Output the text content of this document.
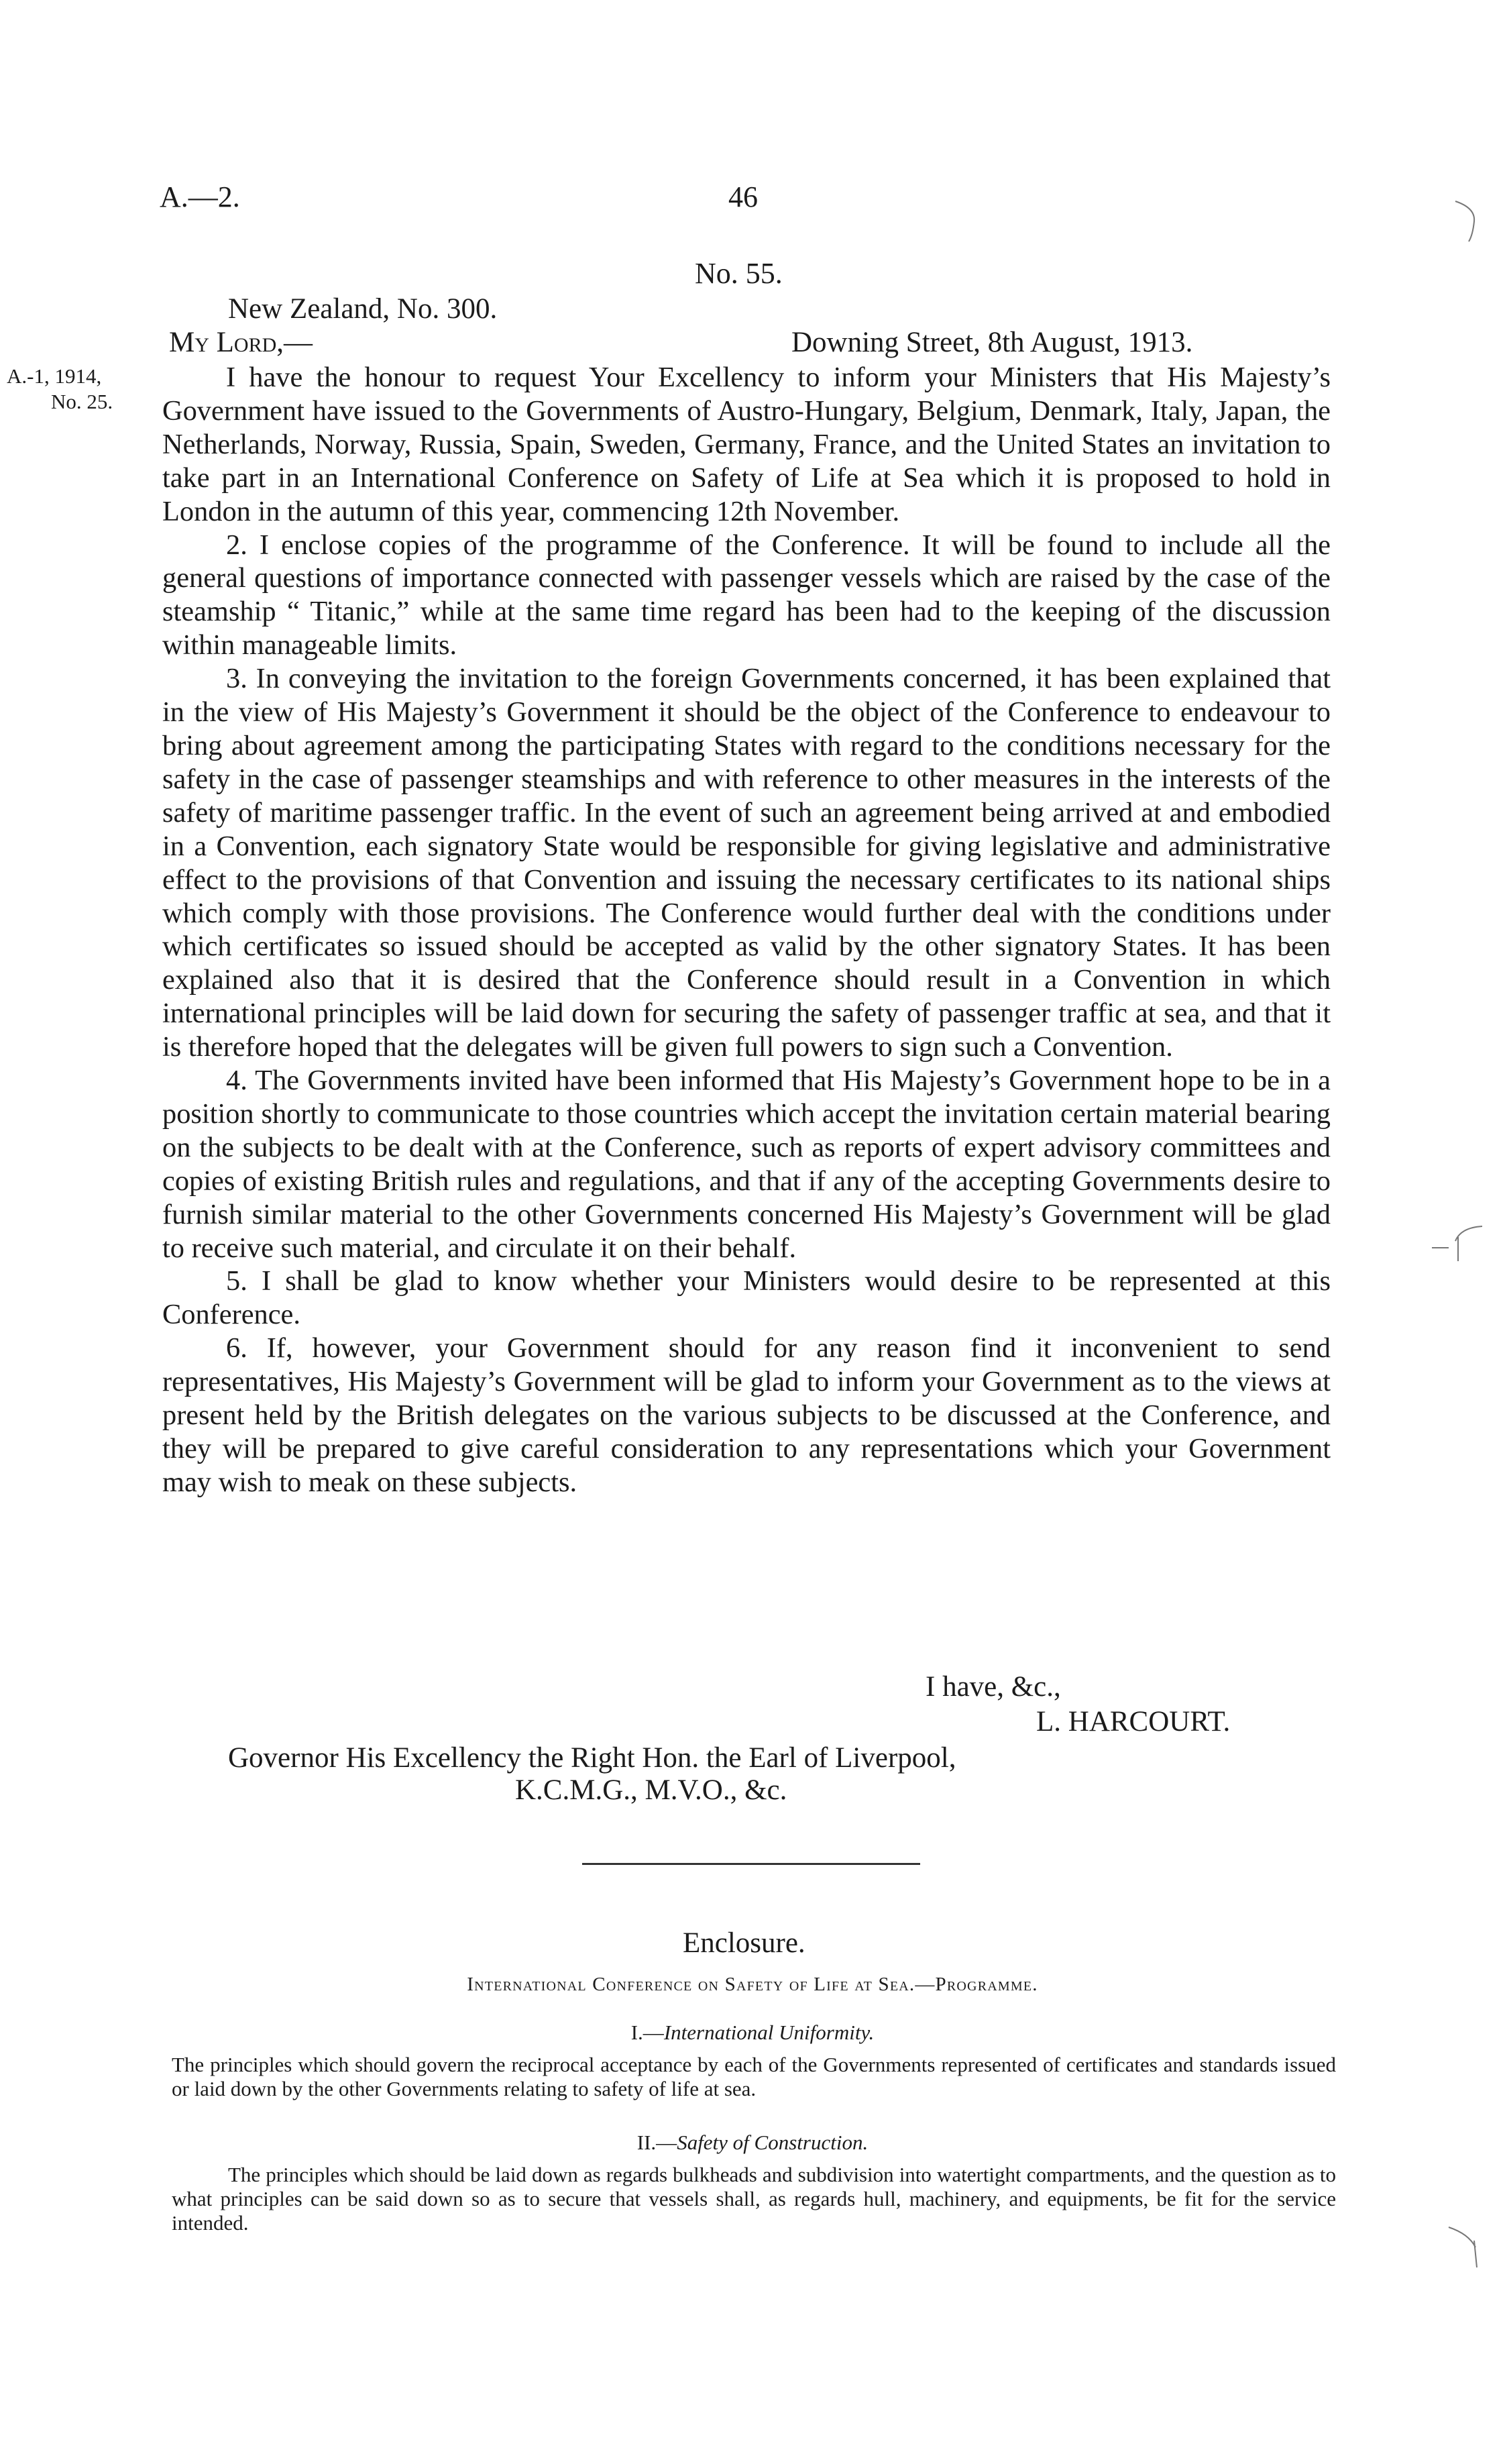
A.—2.	46
No. 55.
New Zealand, No. 300.
My Lord,—	Downing Street, 8th August, 1913.
A.-1, 1914,
No. 25.

I have the honour to request Your Excellency to inform your Ministers that His Majesty’s Government have issued to the Governments of Austro-Hungary, Belgium, Denmark, Italy, Japan, the Netherlands, Norway, Russia, Spain, Sweden, Germany, France, and the United States an invitation to take part in an International Conference on Safety of Life at Sea which it is proposed to hold in London in the autumn of this year, commencing 12th November.

2. I enclose copies of the programme of the Conference. It will be found to include all the general questions of importance connected with passenger vessels which are raised by the case of the steamship “ Titanic,” while at the same time regard has been had to the keeping of the discussion within manageable limits.

3. In conveying the invitation to the foreign Governments concerned, it has been explained that in the view of His Majesty’s Government it should be the object of the Conference to endeavour to bring about agreement among the participating States with regard to the conditions necessary for the safety in the case of passenger steamships and with reference to other measures in the interests of the safety of maritime passenger traffic. In the event of such an agreement being arrived at and embodied in a Convention, each signatory State would be responsible for giving legislative and administrative effect to the provisions of that Convention and issuing the necessary certificates to its national ships which comply with those provisions. The Conference would further deal with the conditions under which certificates so issued should be accepted as valid by the other signatory States. It has been explained also that it is desired that the Conference should result in a Convention in which international principles will be laid down for securing the safety of passenger traffic at sea, and that it is therefore hoped that the delegates will be given full powers to sign such a Convention.

4. The Governments invited have been informed that His Majesty’s Government hope to be in a position shortly to communicate to those countries which accept the invitation certain material bearing on the subjects to be dealt with at the Conference, such as reports of expert advisory committees and copies of existing British rules and regulations, and that if any of the accepting Governments desire to furnish similar material to the other Governments concerned His Majesty’s Government will be glad to receive such material, and circulate it on their behalf.

5. I shall be glad to know whether your Ministers would desire to be represented at this Conference.

6. If, however, your Government should for any reason find it inconvenient to send representatives, His Majesty’s Government will be glad to inform your Government as to the views at present held by the British delegates on the various subjects to be discussed at the Conference, and they will be prepared to give careful consideration to any representations which your Government may wish to meak on these subjects.

I have, &c.,
L. HARCOURT.
Governor His Excellency the Right Hon. the Earl of Liverpool,
K.C.M.G., M.V.O., &c.
Enclosure.
International Conference on Safety of Life at Sea.—Programme.
I.—International Uniformity.

The principles which should govern the reciprocal acceptance by each of the Governments represented of certificates and standards issued or laid down by the other Governments relating to safety of life at sea.

II.—Safety of Construction.

The principles which should be laid down as regards bulkheads and subdivision into watertight compartments, and the question as to what principles can be said down so as to secure that vessels shall, as regards hull, machinery, and equipments, be fit for the service intended.
